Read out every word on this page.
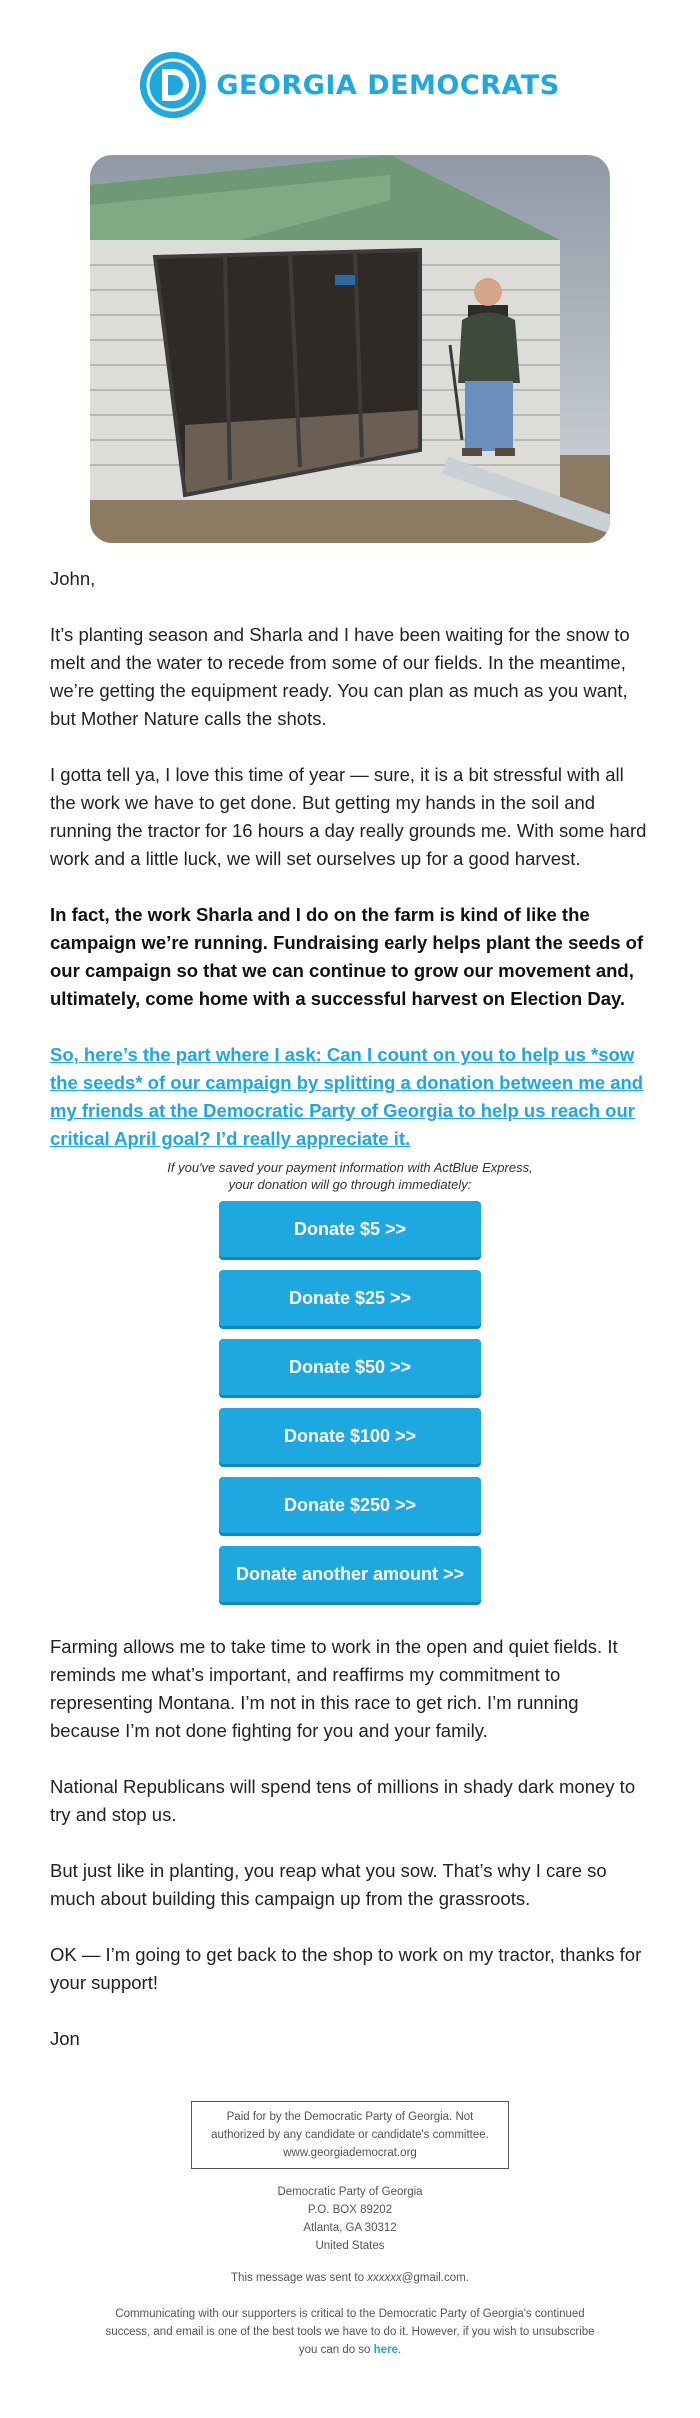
GEORGIA DEMOCRATS

John,

It’s planting season and Sharla and I have been waiting for the snow to melt and the water to recede from some of our fields. In the meantime, we’re getting the equipment ready. You can plan as much as you want, but Mother Nature calls the shots.

I gotta tell ya, I love this time of year — sure, it is a bit stressful with all the work we have to get done. But getting my hands in the soil and running the tractor for 16 hours a day really grounds me. With some hard work and a little luck, we will set ourselves up for a good harvest.

In fact, the work Sharla and I do on the farm is kind of like the campaign we’re running. Fundraising early helps plant the seeds of our campaign so that we can continue to grow our movement and, ultimately, come home with a successful harvest on Election Day.

So, here’s the part where I ask: Can I count on you to help us *sow the seeds* of our campaign by splitting a donation between me and my friends at the Democratic Party of Georgia to help us reach our critical April goal? I’d really appreciate it.

If you've saved your payment information with ActBlue Express,
your donation will go through immediately:
Donate $5 >>
Donate $25 >>
Donate $50 >>
Donate $100 >>
Donate $250 >>
Donate another amount >>

Farming allows me to take time to work in the open and quiet fields. It reminds me what’s important, and reaffirms my commitment to representing Montana. I’m not in this race to get rich. I’m running because I’m not done fighting for you and your family.

National Republicans will spend tens of millions in shady dark money to try and stop us.

But just like in planting, you reap what you sow. That’s why I care so much about building this campaign up from the grassroots.

OK — I’m going to get back to the shop to work on my tractor, thanks for your support!

Jon

Paid for by the Democratic Party of Georgia. Not authorized by any candidate or candidate's committee. www.georgiademocrat.org
Democratic Party of Georgia
P.O. BOX 89202
Atlanta, GA 30312
United States
This message was sent to xxxxxx@gmail.com.
Communicating with our supporters is critical to the Democratic Party of Georgia's continued success, and email is one of the best tools we have to do it. However, if you wish to unsubscribe you can do so here.
